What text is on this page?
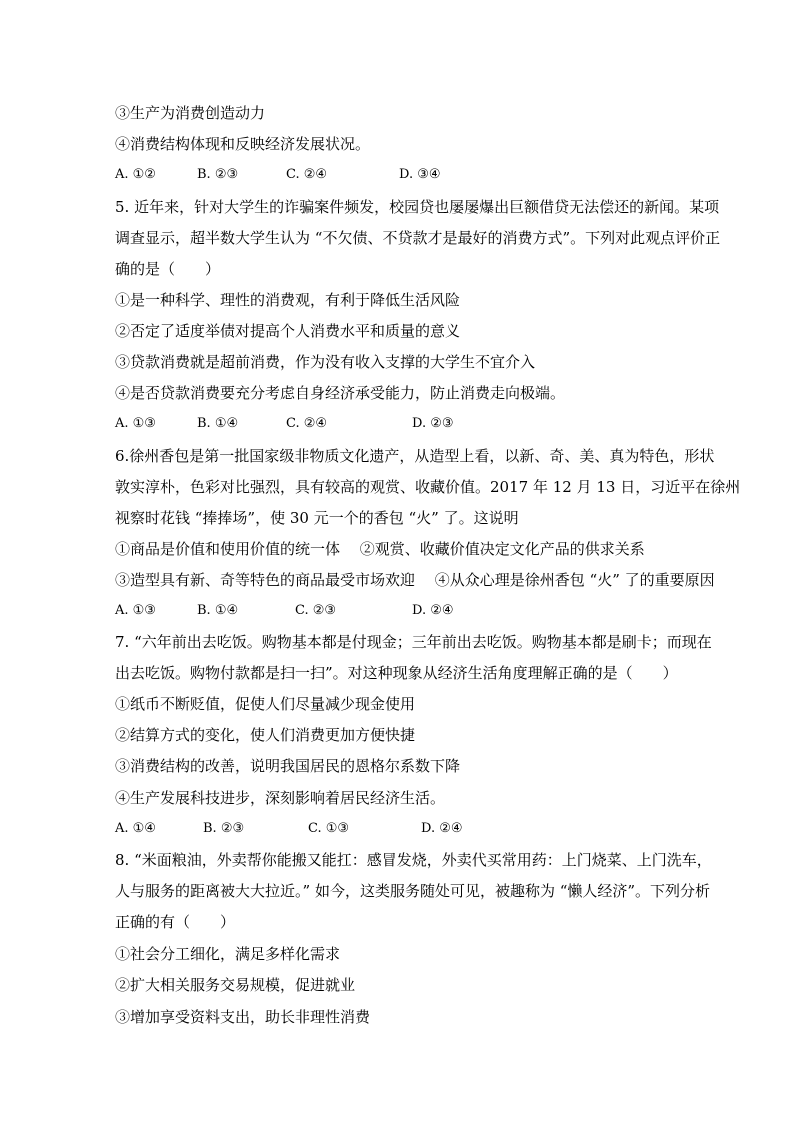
③生产为消费创造动力
④消费结构体现和反映经济发展状况。
A. ①②	B. ②③	C. ②④	D. ③④
5. 近年来，针对大学生的诈骗案件频发，校园贷也屡屡爆出巨额借贷无法偿还的新闻。某项
调查显示，超半数大学生认为 “不欠债、不贷款才是最好的消费方式”。下列对此观点评价正
确的是（　　）
①是一种科学、理性的消费观，有利于降低生活风险
②否定了适度举债对提高个人消费水平和质量的意义
③贷款消费就是超前消费，作为没有收入支撑的大学生不宜介入
④是否贷款消费要充分考虑自身经济承受能力，防止消费走向极端。
A. ①③	B. ①④	C. ②④	D. ②③
6.徐州香包是第一批国家级非物质文化遗产，从造型上看，以新、奇、美、真为特色，形状
敦实淳朴，色彩对比强烈，具有较高的观赏、收藏价值。2017 年 12 月 13 日，习近平在徐州
视察时花钱 “捧捧场”，使 30 元一个的香包 “火” 了。这说明
①商品是价值和使用价值的统一体　 ②观赏、收藏价值决定文化产品的供求关系
③造型具有新、奇等特色的商品最受市场欢迎　 ④从众心理是徐州香包 “火” 了的重要原因
A. ①③	B. ①④	C. ②③	D. ②④
7. “六年前出去吃饭。购物基本都是付现金；三年前出去吃饭。购物基本都是刷卡；而现在
出去吃饭。购物付款都是扫一扫”。对这种现象从经济生活角度理解正确的是（　　）
①纸币不断贬值，促使人们尽量减少现金使用
②结算方式的变化，使人们消费更加方便快捷
③消费结构的改善，说明我国居民的恩格尔系数下降
④生产发展科技进步，深刻影响着居民经济生活。
A. ①④	B. ②③	C. ①③	D. ②④
8. “米面粮油，外卖帮你能搬又能扛：感冒发烧，外卖代买常用药：上门烧菜、上门洗车，
人与服务的距离被大大拉近。” 如今，这类服务随处可见，被趣称为 “懒人经济”。下列分析
正确的有（　　）
①社会分工细化，满足多样化需求
②扩大相关服务交易规模，促进就业
③增加享受资料支出，助长非理性消费
